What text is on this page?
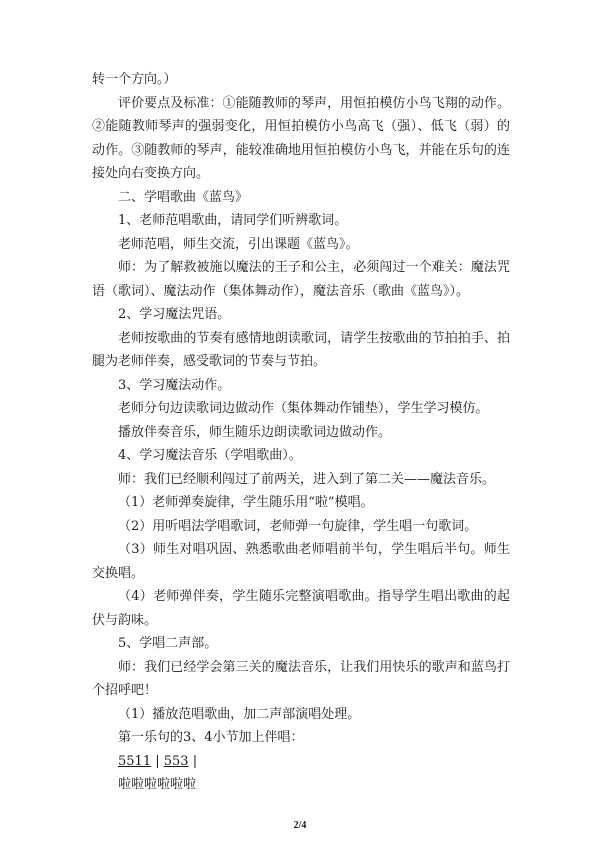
转一个方向。）

评价要点及标准：①能随教师的琴声，用恒拍模仿小鸟飞翔的动作。②能随教师琴声的强弱变化，用恒拍模仿小鸟高飞（强）、低飞（弱）的动作。③随教师的琴声，能较准确地用恒拍模仿小鸟飞，并能在乐句的连接处向右变换方向。

二、学唱歌曲《蓝鸟》

1、老师范唱歌曲，请同学们听辨歌词。

老师范唱，师生交流，引出课题《蓝鸟》。

师：为了解救被施以魔法的王子和公主，必须闯过一个难关：魔法咒语（歌词）、魔法动作（集体舞动作），魔法音乐（歌曲《蓝鸟》）。

2、学习魔法咒语。

老师按歌曲的节奏有感情地朗读歌词，请学生按歌曲的节拍拍手、拍腿为老师伴奏，感受歌词的节奏与节拍。

3、学习魔法动作。

老师分句边读歌词边做动作（集体舞动作铺垫），学生学习模仿。

播放伴奏音乐，师生随乐边朗读歌词边做动作。

4、学习魔法音乐（学唱歌曲）。

师：我们已经顺利闯过了前两关，进入到了第二关——魔法音乐。

（1）老师弹奏旋律，学生随乐用“啦”模唱。

（2）用听唱法学唱歌词，老师弹一句旋律，学生唱一句歌词。

（3）师生对唱巩固、熟悉歌曲老师唱前半句，学生唱后半句。师生交换唱。

（4）老师弹伴奏，学生随乐完整演唱歌曲。指导学生唱出歌曲的起伏与韵味。

5、学唱二声部。

师：我们已经学会第三关的魔法音乐，让我们用快乐的歌声和蓝鸟打个招呼吧！

（1）播放范唱歌曲，加二声部演唱处理。

第一乐句的3、4小节加上伴唱：

5511 | 553 |

啦啦啦啦啦啦

2/4
